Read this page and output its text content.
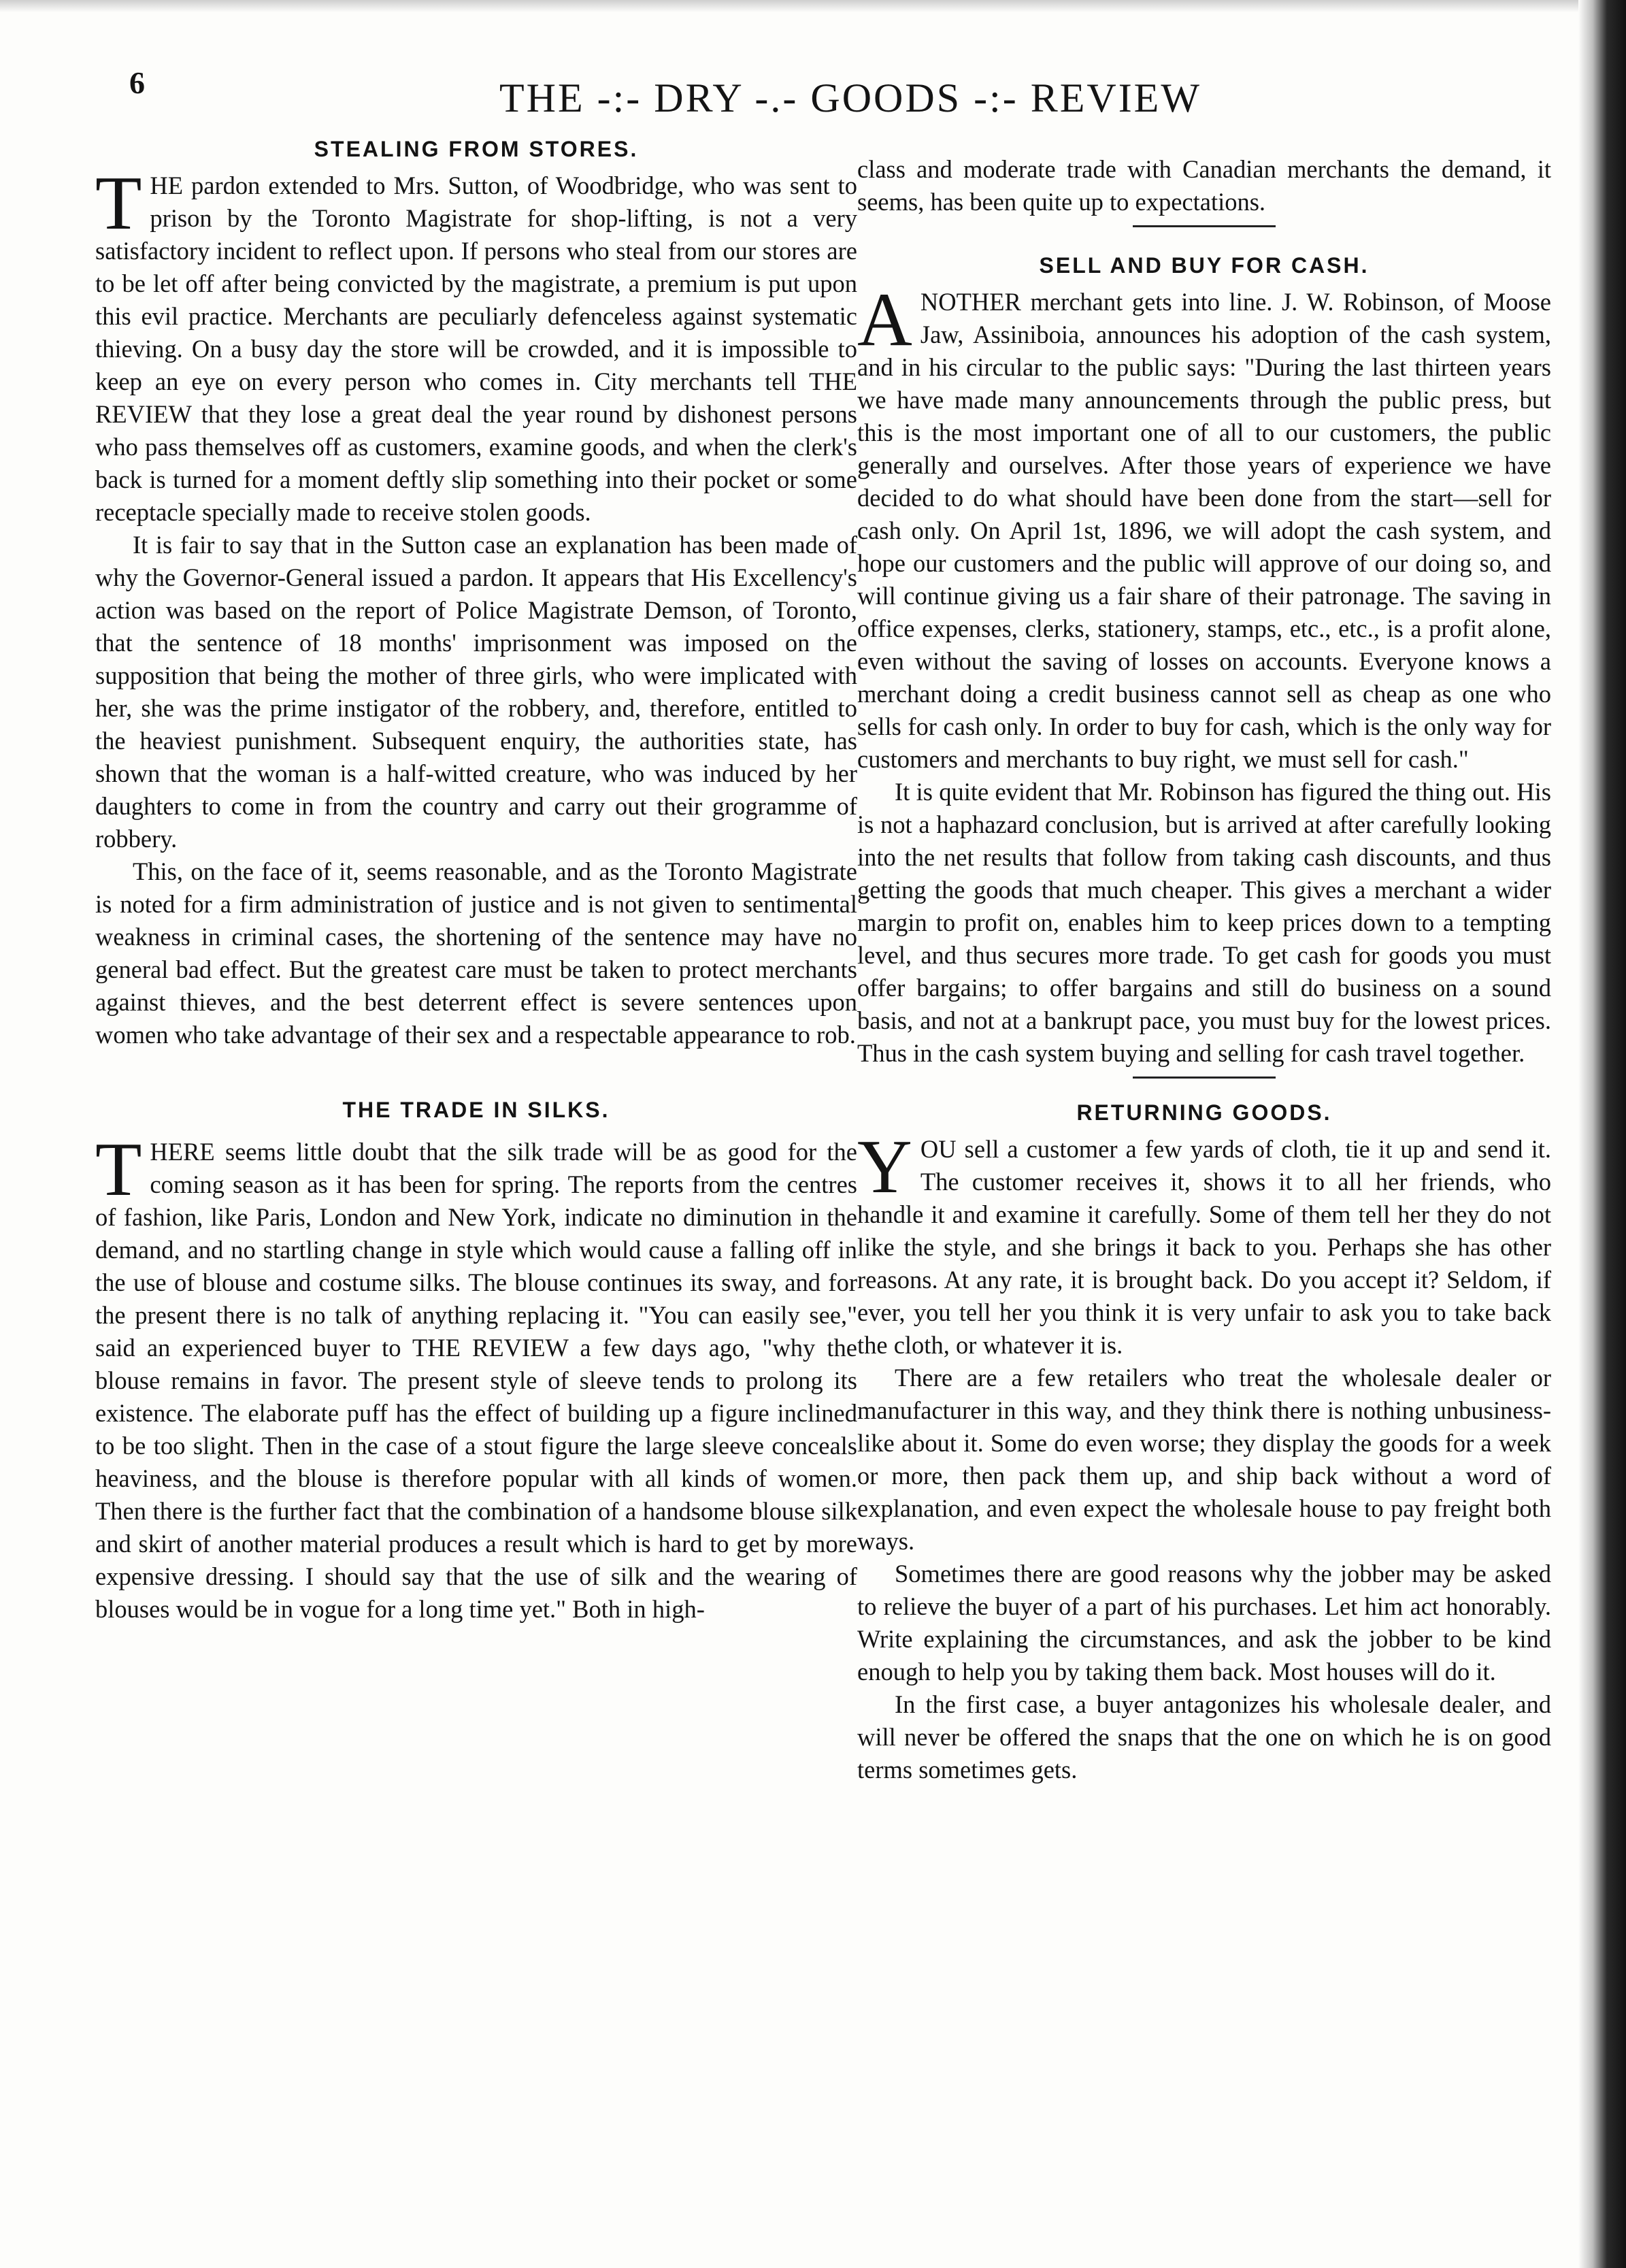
6	THE -:- DRY -.- GOODS -:- REVIEW
STEALING FROM STORES.

THE pardon extended to Mrs. Sutton, of Woodbridge, who was sent to prison by the Toronto Magistrate for shop-lifting, is not a very satisfactory incident to reflect upon. If persons who steal from our stores are to be let off after being convicted by the magistrate, a premium is put upon this evil practice. Merchants are peculiarly defenceless against systematic thieving. On a busy day the store will be crowded, and it is impossible to keep an eye on every person who comes in. City merchants tell THE REVIEW that they lose a great deal the year round by dishonest persons who pass themselves off as customers, examine goods, and when the clerk's back is turned for a moment deftly slip something into their pocket or some receptacle specially made to receive stolen goods.

It is fair to say that in the Sutton case an explanation has been made of why the Governor-General issued a pardon. It appears that His Excellency's action was based on the report of Police Magistrate Demson, of Toronto, that the sentence of 18 months' imprisonment was imposed on the supposition that being the mother of three girls, who were implicated with her, she was the prime instigator of the robbery, and, therefore, entitled to the heaviest punishment. Subsequent enquiry, the authorities state, has shown that the woman is a half-witted creature, who was induced by her daughters to come in from the country and carry out their grogramme of robbery.

This, on the face of it, seems reasonable, and as the Toronto Magistrate is noted for a firm administration of justice and is not given to sentimental weakness in criminal cases, the shortening of the sentence may have no general bad effect. But the greatest care must be taken to protect merchants against thieves, and the best deterrent effect is severe sentences upon women who take advantage of their sex and a respectable appearance to rob.

THE TRADE IN SILKS.

THERE seems little doubt that the silk trade will be as good for the coming season as it has been for spring. The reports from the centres of fashion, like Paris, London and New York, indicate no diminution in the demand, and no startling change in style which would cause a falling off in the use of blouse and costume silks. The blouse continues its sway, and for the present there is no talk of anything replacing it. "You can easily see," said an experienced buyer to THE REVIEW a few days ago, "why the blouse remains in favor. The present style of sleeve tends to prolong its existence. The elaborate puff has the effect of building up a figure inclined to be too slight. Then in the case of a stout figure the large sleeve conceals heaviness, and the blouse is therefore popular with all kinds of women. Then there is the further fact that the combination of a handsome blouse silk and skirt of another material produces a result which is hard to get by more expensive dressing. I should say that the use of silk and the wearing of blouses would be in vogue for a long time yet." Both in high-

class and moderate trade with Canadian merchants the demand, it seems, has been quite up to expectations.

SELL AND BUY FOR CASH.

ANOTHER merchant gets into line. J. W. Robinson, of Moose Jaw, Assiniboia, announces his adoption of the cash system, and in his circular to the public says: "During the last thirteen years we have made many announcements through the public press, but this is the most important one of all to our customers, the public generally and ourselves. After those years of experience we have decided to do what should have been done from the start—sell for cash only. On April 1st, 1896, we will adopt the cash system, and hope our customers and the public will approve of our doing so, and will continue giving us a fair share of their patronage. The saving in office expenses, clerks, stationery, stamps, etc., etc., is a profit alone, even without the saving of losses on accounts. Everyone knows a merchant doing a credit business cannot sell as cheap as one who sells for cash only. In order to buy for cash, which is the only way for customers and merchants to buy right, we must sell for cash."

It is quite evident that Mr. Robinson has figured the thing out. His is not a haphazard conclusion, but is arrived at after carefully looking into the net results that follow from taking cash discounts, and thus getting the goods that much cheaper. This gives a merchant a wider margin to profit on, enables him to keep prices down to a tempting level, and thus secures more trade. To get cash for goods you must offer bargains; to offer bargains and still do business on a sound basis, and not at a bankrupt pace, you must buy for the lowest prices. Thus in the cash system buying and selling for cash travel together.

RETURNING GOODS.

YOU sell a customer a few yards of cloth, tie it up and send it. The customer receives it, shows it to all her friends, who handle it and examine it carefully. Some of them tell her they do not like the style, and she brings it back to you. Perhaps she has other reasons. At any rate, it is brought back. Do you accept it? Seldom, if ever, you tell her you think it is very unfair to ask you to take back the cloth, or whatever it is.

There are a few retailers who treat the wholesale dealer or manufacturer in this way, and they think there is nothing unbusiness-like about it. Some do even worse; they display the goods for a week or more, then pack them up, and ship back without a word of explanation, and even expect the wholesale house to pay freight both ways.

Sometimes there are good reasons why the jobber may be asked to relieve the buyer of a part of his purchases. Let him act honorably. Write explaining the circumstances, and ask the jobber to be kind enough to help you by taking them back. Most houses will do it.

In the first case, a buyer antagonizes his wholesale dealer, and will never be offered the snaps that the one on which he is on good terms sometimes gets.
